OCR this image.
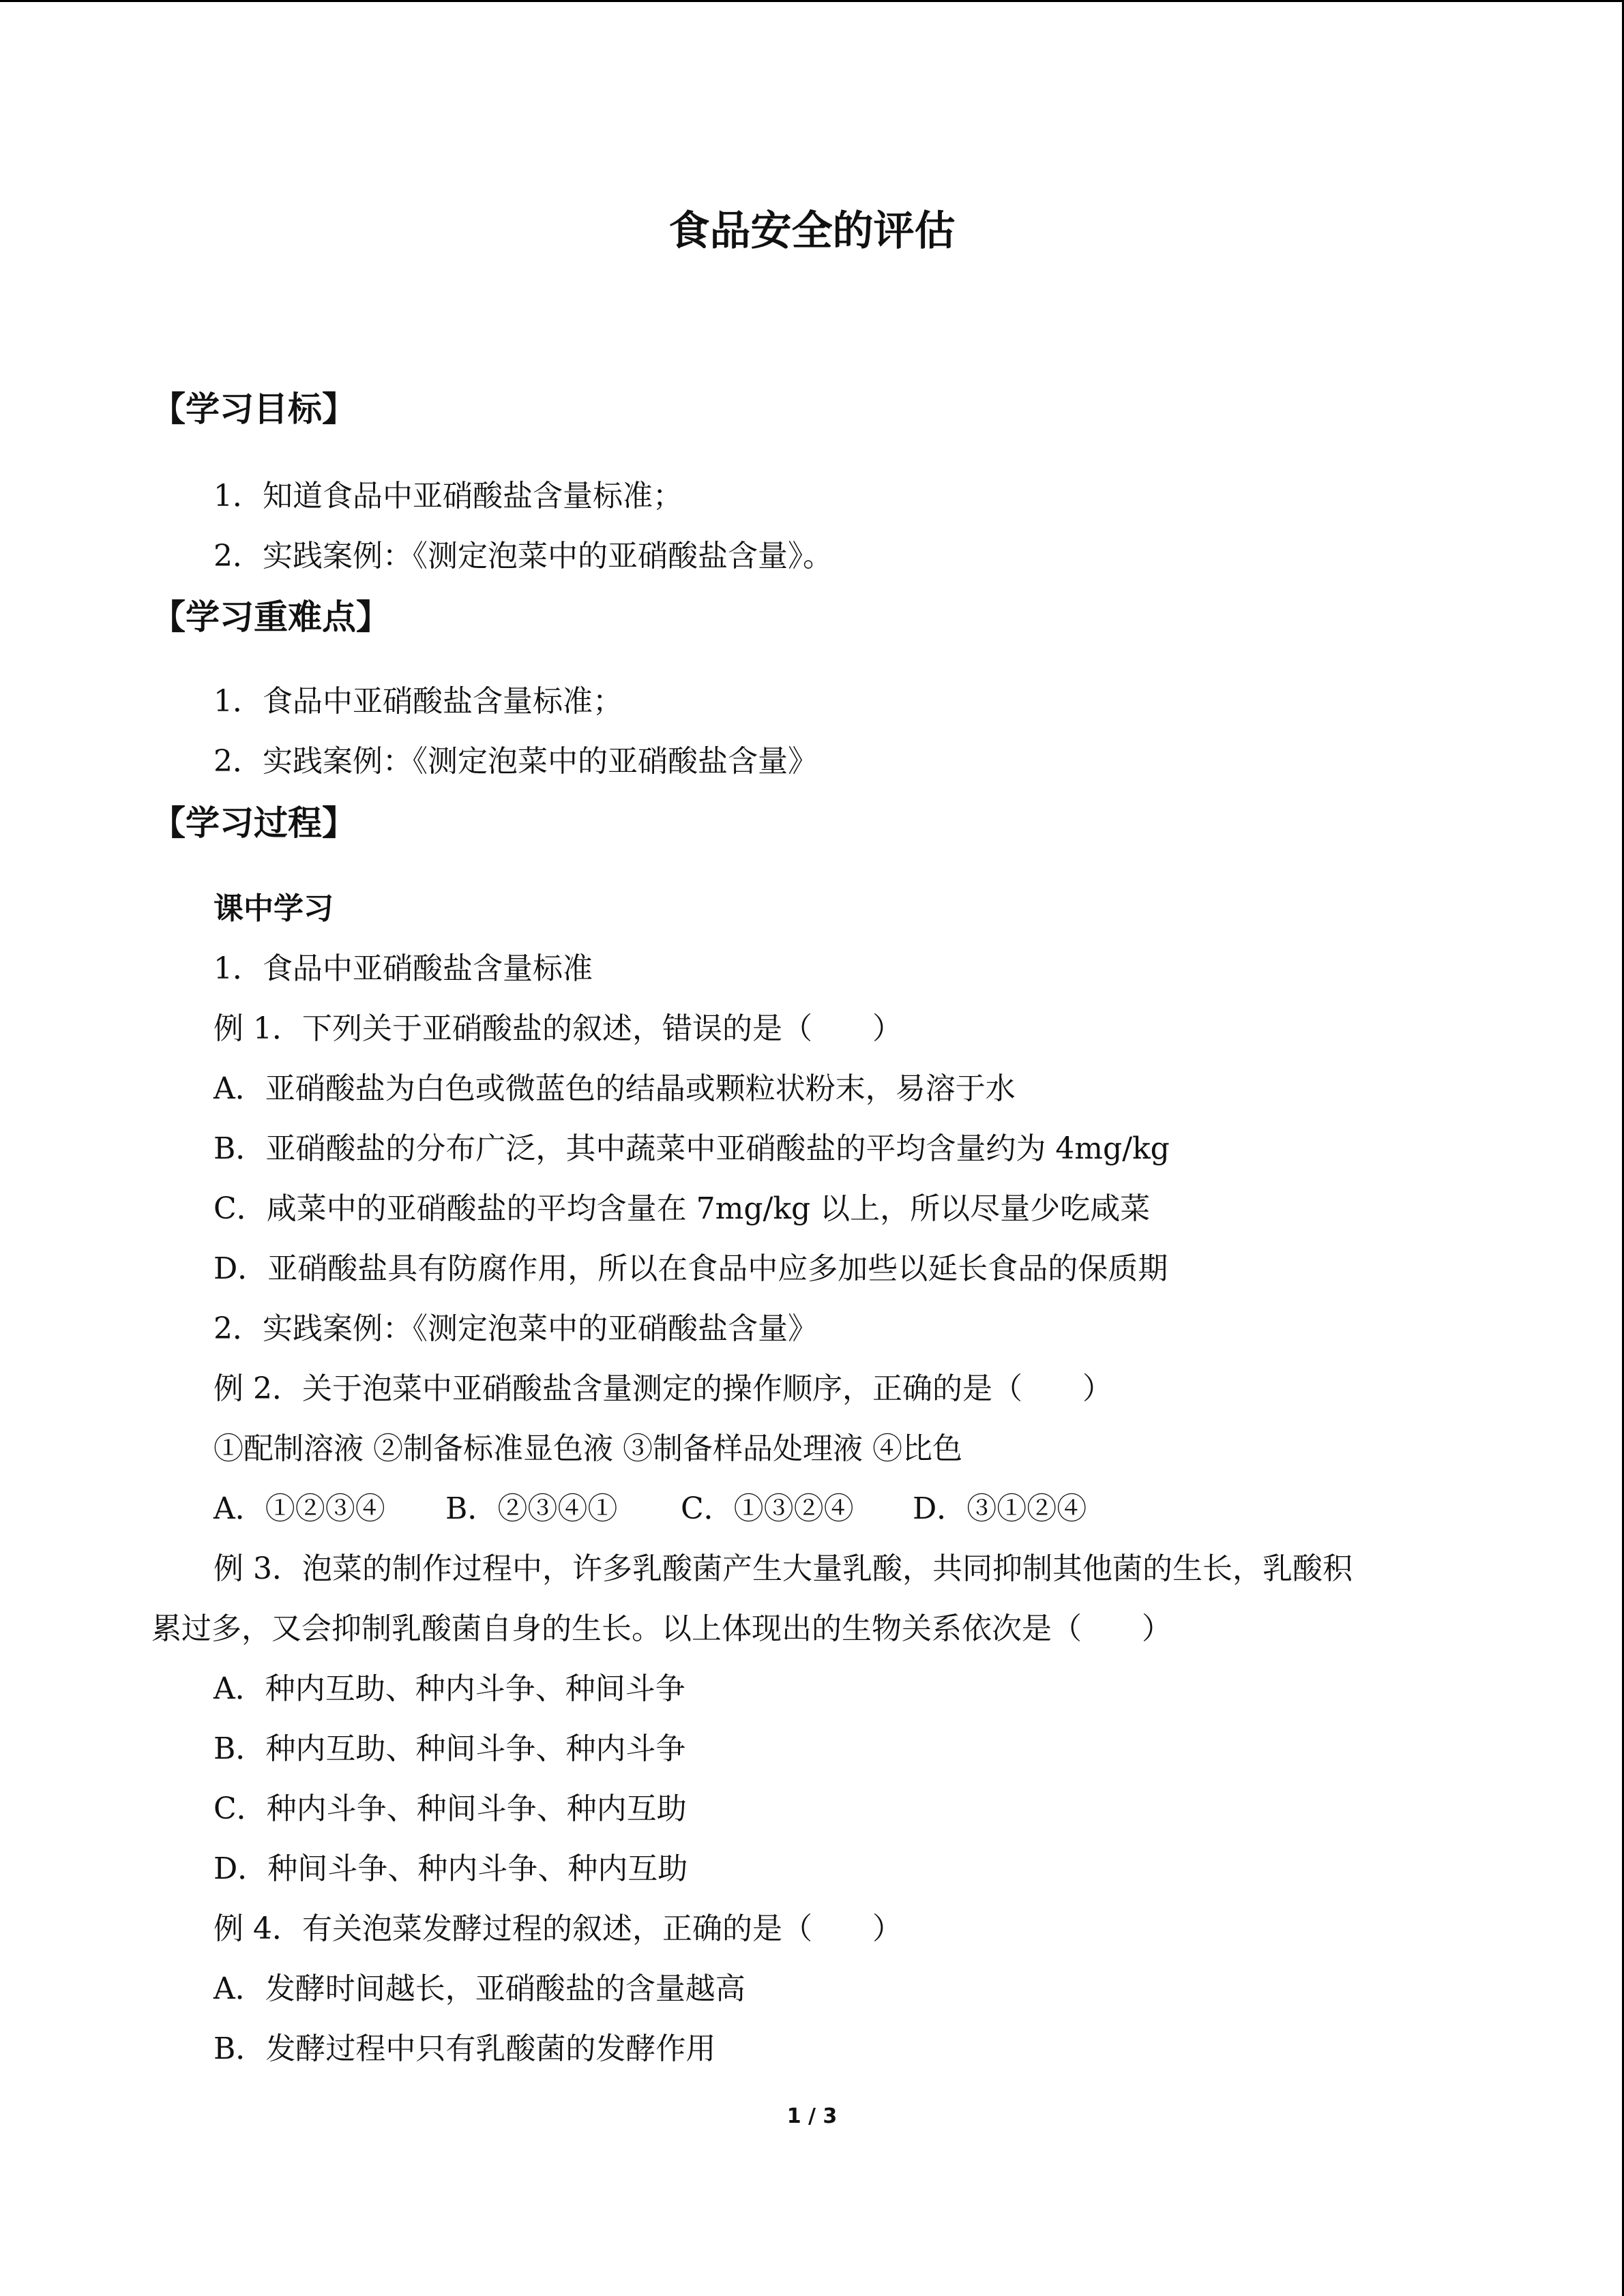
食品安全的评估
【学习目标】
1．知道食品中亚硝酸盐含量标准；
2．实践案例：《测定泡菜中的亚硝酸盐含量》。
【学习重难点】
1．食品中亚硝酸盐含量标准；
2．实践案例：《测定泡菜中的亚硝酸盐含量》
【学习过程】
课中学习
1．食品中亚硝酸盐含量标准
例 1．下列关于亚硝酸盐的叙述，错误的是（　　）
A．亚硝酸盐为白色或微蓝色的结晶或颗粒状粉末，易溶于水
B．亚硝酸盐的分布广泛，其中蔬菜中亚硝酸盐的平均含量约为 4mg/kg
C．咸菜中的亚硝酸盐的平均含量在 7mg/kg 以上，所以尽量少吃咸菜
D．亚硝酸盐具有防腐作用，所以在食品中应多加些以延长食品的保质期
2．实践案例：《测定泡菜中的亚硝酸盐含量》
例 2．关于泡菜中亚硝酸盐含量测定的操作顺序，正确的是（　　）
①配制溶液 ②制备标准显色液 ③制备样品处理液 ④比色
A．①②③④ B．②③④① C．①③②④ D．③①②④
例 3．泡菜的制作过程中，许多乳酸菌产生大量乳酸，共同抑制其他菌的生长，乳酸积
累过多，又会抑制乳酸菌自身的生长。以上体现出的生物关系依次是（　　）
A．种内互助、种内斗争、种间斗争
B．种内互助、种间斗争、种内斗争
C．种内斗争、种间斗争、种内互助
D．种间斗争、种内斗争、种内互助
例 4．有关泡菜发酵过程的叙述，正确的是（　　）
A．发酵时间越长，亚硝酸盐的含量越高
B．发酵过程中只有乳酸菌的发酵作用
1 / 3
